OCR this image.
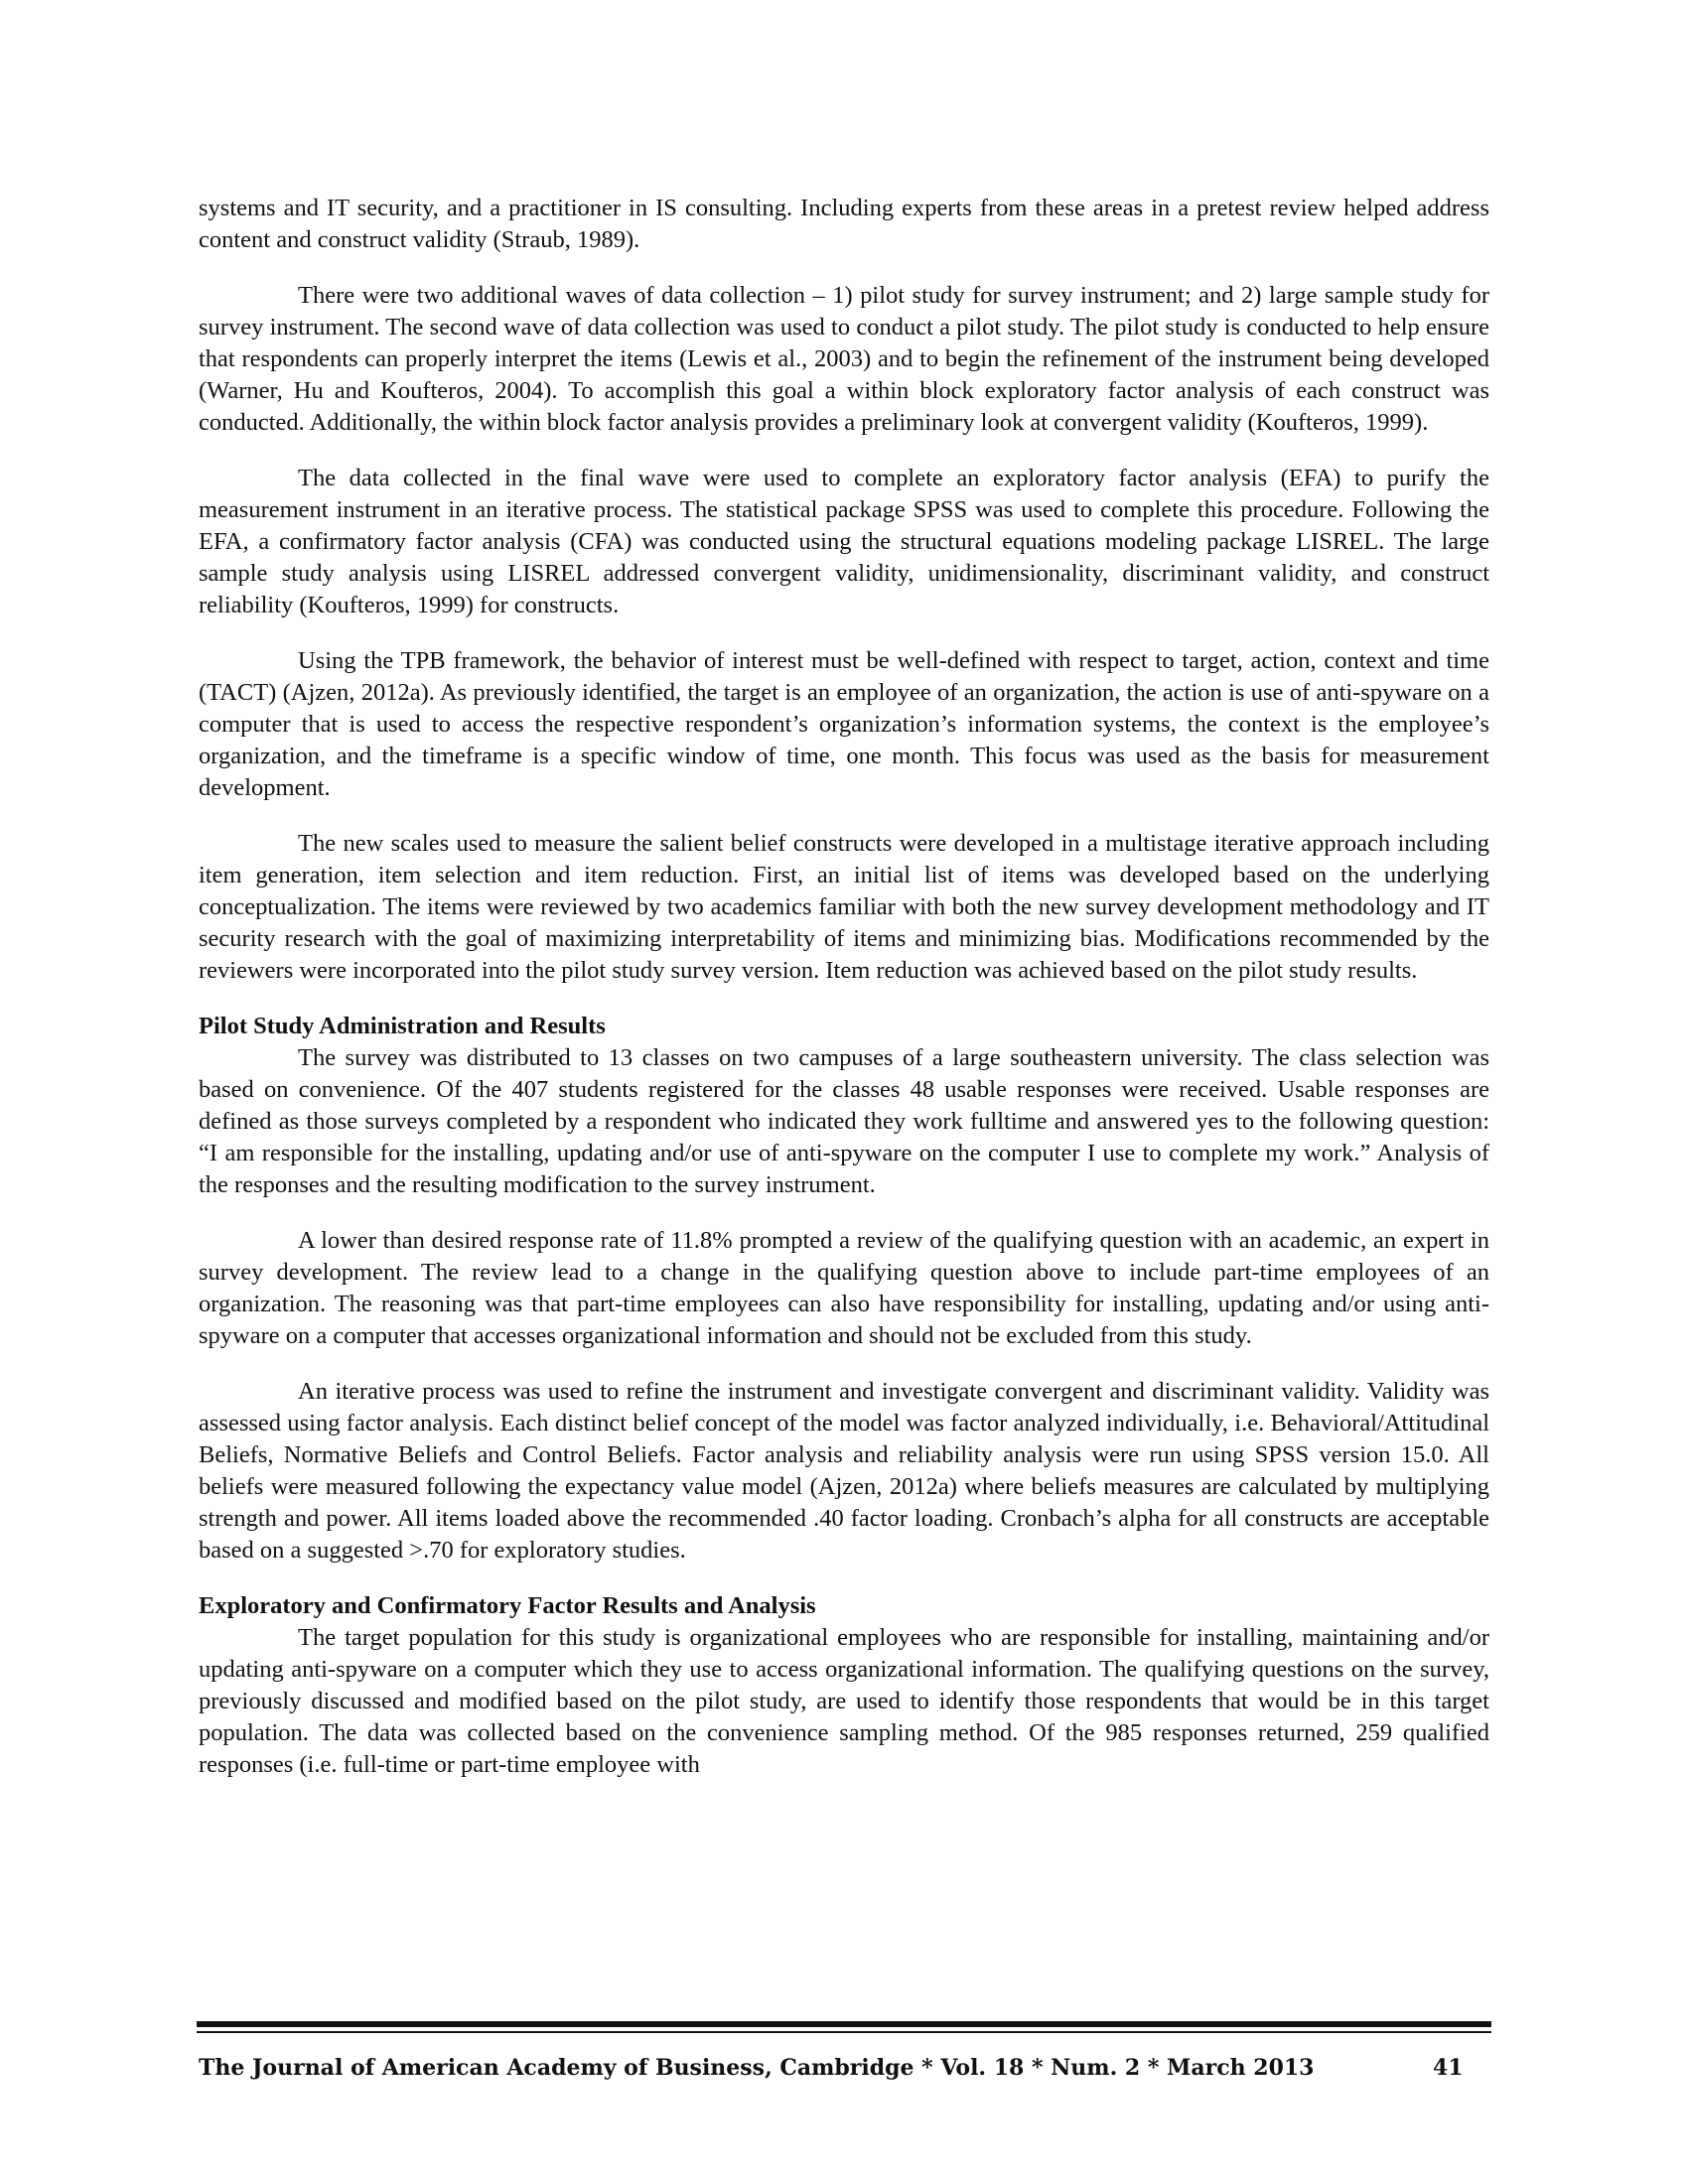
systems and IT security, and a practitioner in IS consulting. Including experts from these areas in a pretest review helped address content and construct validity (Straub, 1989).

There were two additional waves of data collection – 1) pilot study for survey instrument; and 2) large sample study for survey instrument. The second wave of data collection was used to conduct a pilot study. The pilot study is conducted to help ensure that respondents can properly interpret the items (Lewis et al., 2003) and to begin the refinement of the instrument being developed (Warner, Hu and Koufteros, 2004). To accomplish this goal a within block exploratory factor analysis of each construct was conducted. Additionally, the within block factor analysis provides a preliminary look at convergent validity (Koufteros, 1999).

The data collected in the final wave were used to complete an exploratory factor analysis (EFA) to purify the measurement instrument in an iterative process. The statistical package SPSS was used to complete this procedure. Following the EFA, a confirmatory factor analysis (CFA) was conducted using the structural equations modeling package LISREL. The large sample study analysis using LISREL addressed convergent validity, unidimensionality, discriminant validity, and construct reliability (Koufteros, 1999) for constructs.

Using the TPB framework, the behavior of interest must be well-defined with respect to target, action, context and time (TACT) (Ajzen, 2012a). As previously identified, the target is an employee of an organization, the action is use of anti-spyware on a computer that is used to access the respective respondent’s organization’s information systems, the context is the employee’s organization, and the timeframe is a specific window of time, one month. This focus was used as the basis for measurement development.

The new scales used to measure the salient belief constructs were developed in a multistage iterative approach including item generation, item selection and item reduction. First, an initial list of items was developed based on the underlying conceptualization. The items were reviewed by two academics familiar with both the new survey development methodology and IT security research with the goal of maximizing interpretability of items and minimizing bias. Modifications recommended by the reviewers were incorporated into the pilot study survey version. Item reduction was achieved based on the pilot study results.

Pilot Study Administration and Results

The survey was distributed to 13 classes on two campuses of a large southeastern university. The class selection was based on convenience. Of the 407 students registered for the classes 48 usable responses were received. Usable responses are defined as those surveys completed by a respondent who indicated they work fulltime and answered yes to the following question: “I am responsible for the installing, updating and/or use of anti-spyware on the computer I use to complete my work.” Analysis of the responses and the resulting modification to the survey instrument.

A lower than desired response rate of 11.8% prompted a review of the qualifying question with an academic, an expert in survey development. The review lead to a change in the qualifying question above to include part-time employees of an organization. The reasoning was that part-time employees can also have responsibility for installing, updating and/or using anti-spyware on a computer that accesses organizational information and should not be excluded from this study.

An iterative process was used to refine the instrument and investigate convergent and discriminant validity. Validity was assessed using factor analysis. Each distinct belief concept of the model was factor analyzed individually, i.e. Behavioral/Attitudinal Beliefs, Normative Beliefs and Control Beliefs. Factor analysis and reliability analysis were run using SPSS version 15.0. All beliefs were measured following the expectancy value model (Ajzen, 2012a) where beliefs measures are calculated by multiplying strength and power. All items loaded above the recommended .40 factor loading. Cronbach’s alpha for all constructs are acceptable based on a suggested >.70 for exploratory studies.

Exploratory and Confirmatory Factor Results and Analysis

The target population for this study is organizational employees who are responsible for installing, maintaining and/or updating anti-spyware on a computer which they use to access organizational information. The qualifying questions on the survey, previously discussed and modified based on the pilot study, are used to identify those respondents that would be in this target population. The data was collected based on the convenience sampling method. Of the 985 responses returned, 259 qualified responses (i.e. full-time or part-time employee with

The Journal of American Academy of Business, Cambridge * Vol. 18 * Num. 2 * March 2013	41
